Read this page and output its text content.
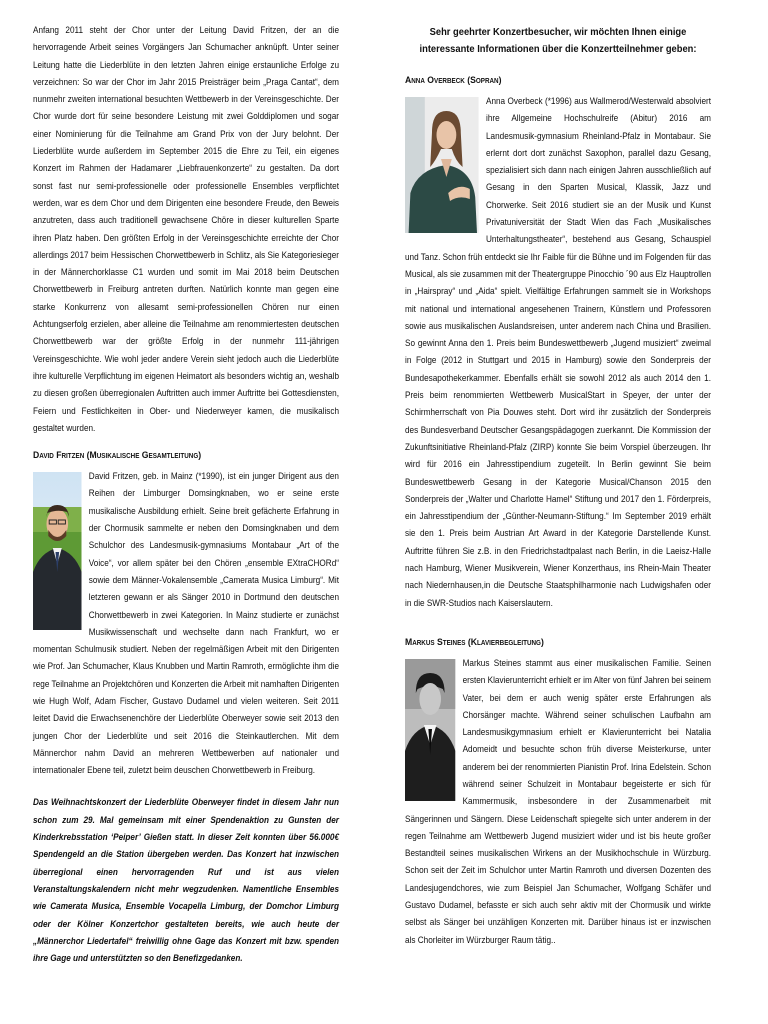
Anfang 2011 steht der Chor unter der Leitung David Fritzen, der an die hervorragende Arbeit seines Vorgängers Jan Schumacher anknüpft. Unter seiner Leitung hatte die Liederblüte in den letzten Jahren einige erstaunliche Erfolge zu verzeichnen: So war der Chor im Jahr 2015 Preisträger beim „Praga Cantat“, dem nunmehr zweiten international besuchten Wettbewerb in der Vereinsgeschichte. Der Chor wurde dort für seine besondere Leistung mit zwei Golddiplomen und sogar einer Nominierung für die Teilnahme am Grand Prix von der Jury belohnt. Der Liederblüte wurde außerdem im September 2015 die Ehre zu Teil, ein eigenes Konzert im Rahmen der Hadamarer „Liebfrauenkonzerte“ zu gestalten. Da dort sonst fast nur semi-professionelle oder professionelle Ensembles verpflichtet werden, war es dem Chor und dem Dirigenten eine besondere Freude, den Beweis anzutreten, dass auch traditionell gewachsene Chöre in dieser kulturellen Sparte ihren Platz haben. Den größten Erfolg in der Vereinsgeschichte erreichte der Chor allerdings 2017 beim Hessischen Chorwettbewerb in Schlitz, als Sie Kategoriesieger in der Männerchorklasse C1 wurden und somit im Mai 2018 beim Deutschen Chorwettbewerb in Freiburg antreten durften. Natürlich konnte man gegen eine starke Konkurrenz von allesamt semi-professionellen Chören nur einen Achtungserfolg erzielen, aber alleine die Teilnahme am renommiertesten deutschen Chorwettbewerb war der größte Erfolg in der nunmehr 111-jährigen Vereinsgeschichte. Wie wohl jeder andere Verein sieht jedoch auch die Liederblüte ihre kulturelle Verpflichtung im eigenen Heimatort als besonders wichtig an, weshalb zu diesen großen überregionalen Auftritten auch immer Auftritte bei Gottesdiensten, Feiern und Festlichkeiten in Ober- und Niederweyer kamen, die musikalisch gestaltet wurden.

David Fritzen (Musikalische Gesamtleitung)

David Fritzen, geb. in Mainz (*1990), ist ein junger Dirigent aus den Reihen der Limburger Domsingknaben, wo er seine erste musikalische Ausbildung erhielt. Seine breit gefächerte Erfahrung in der Chormusik sammelte er neben den Domsingknaben und dem Schulchor des Landesmusik-gymnasiums Montabaur „Art of the Voice“, vor allem später bei den Chören „ensemble EXtraCHORd“ sowie dem Männer-Vokalensemble „Camerata Musica Limburg“. Mit letzteren gewann er als Sänger 2010 in Dortmund den deutschen Chorwettbewerb in zwei Kategorien. In Mainz studierte er zunächst Musikwissenschaft und wechselte dann nach Frankfurt, wo er momentan Schulmusik studiert. Neben der regelmäßigen Arbeit mit den Dirigenten wie Prof. Jan Schumacher, Klaus Knubben und Martin Ramroth, ermöglichte ihm die rege Teilnahme an Projektchören und Konzerten die Arbeit mit namhaften Dirigenten wie Hugh Wolf, Adam Fischer, Gustavo Dudamel und vielen weiteren. Seit 2011 leitet David die Erwachsenenchöre der Liederblüte Oberweyer sowie seit 2013 den jungen Chor der Liederblüte und seit 2016 die Steinkautlerchen. Mit dem Männerchor nahm David an mehreren Wettbewerben auf nationaler und internationaler Ebene teil, zuletzt beim deuschen Chorwettbewerb in Freiburg.

Das Weihnachtskonzert der Liederblüte Oberweyer findet in diesem Jahr nun schon zum 29. Mal gemeinsam mit einer Spendenaktion zu Gunsten der Kinderkrebsstation ‘Peiper’ Gießen statt. In dieser Zeit konnten über 56.000€ Spendengeld an die Station übergeben werden. Das Konzert hat inzwischen überregional einen hervorragenden Ruf und ist aus vielen Veranstaltungskalendern nicht mehr wegzudenken. Namentliche Ensembles wie Camerata Musica, Ensemble Vocapella Limburg, der Domchor Limburg oder der Kölner Konzertchor gestalteten bereits, wie auch heute der „Männerchor Liedertafel“ freiwillig ohne Gage das Konzert mit bzw. spenden ihre Gage und unterstützten so den Benefizgedanken.

Sehr geehrter Konzertbesucher, wir möchten Ihnen einige interessante Informationen über die Konzertteilnehmer geben:
Anna Overbeck (Sopran)

Anna Overbeck (*1996) aus Wallmerod/Westerwald absolviert ihre Allgemeine Hochschulreife (Abitur) 2016 am Landesmusik-gymnasium Rheinland-Pfalz in Montabaur. Sie erlernt dort dort zunächst Saxophon, parallel dazu Gesang, spezialisiert sich dann nach einigen Jahren ausschließlich auf Gesang in den Sparten Musical, Klassik, Jazz und Chorwerke. Seit 2016 studiert sie an der Musik und Kunst Privatuniversität der Stadt Wien das Fach „Musikalisches Unterhaltungstheater“, bestehend aus Gesang, Schauspiel und Tanz. Schon früh entdeckt sie Ihr Faible für die Bühne und im Folgenden für das Musical, als sie zusammen mit der Theatergruppe Pinocchio ´90 aus Elz Hauptrollen in „Hairspray“ und „Aida“ spielt. Vielfältige Erfahrungen sammelt sie in Workshops mit national und international angesehenen Trainern, Künstlern und Professoren sowie aus musikalischen Auslandsreisen, unter anderem nach China und Brasilien. So gewinnt Anna den 1. Preis beim Bundeswettbewerb „Jugend musiziert“ zweimal in Folge (2012 in Stuttgart und 2015 in Hamburg) sowie den Sonderpreis der Bundesapothekerkammer. Ebenfalls erhält sie sowohl 2012 als auch 2014 den 1. Preis beim renommierten Wettbewerb MusicalStart in Speyer, der unter der Schirmherrschaft von Pia Douwes steht. Dort wird ihr zusätzlich der Sonderpreis des Bundesverband Deutscher Gesangspädagogen zuerkannt. Die Kommission der Zukunftsinitiative Rheinland-Pfalz (ZIRP) konnte Sie beim Vorspiel überzeugen. Ihr wird für 2016 ein Jahresstipendium zugeteilt. In Berlin gewinnt Sie beim Bundeswettbewerb Gesang in der Kategorie Musical/Chanson 2015 den Sonderpreis der „Walter und Charlotte Hamel“ Stiftung und 2017 den 1. Förderpreis, ein Jahresstipendium der „Günther-Neumann-Stiftung.“ Im September 2019 erhält sie den 1. Preis beim Austrian Art Award in der Kategorie Darstellende Kunst. Auftritte führen Sie z.B. in den Friedrichstadtpalast nach Berlin, in die Laeisz-Halle nach Hamburg, Wiener Musikverein, Wiener Konzerthaus, ins Rhein-Main Theater nach Niedernhausen,in die Deutsche Staatsphilharmonie nach Ludwigshafen oder in die SWR-Studios nach Kaiserslautern.

Markus Steines (Klavierbegleitung)

Markus Steines stammt aus einer musikalischen Familie. Seinen ersten Klavierunterricht erhielt er im Alter von fünf Jahren bei seinem Vater, bei dem er auch wenig später erste Erfahrungen als Chorsänger machte. Während seiner schulischen Laufbahn am Landesmusikgymnasium erhielt er Klavierunterricht bei Natalia Adomeidt und besuchte schon früh diverse Meisterkurse, unter anderem bei der renommierten Pianistin Prof. Irina Edelstein. Schon während seiner Schulzeit in Montabaur begeisterte er sich für Kammermusik, insbesondere in der Zusammenarbeit mit Sängerinnen und Sängern. Diese Leidenschaft spiegelte sich unter anderem in der regen Teilnahme am Wettbewerb Jugend musiziert wider und ist bis heute großer Bestandteil seines musikalischen Wirkens an der Musikhochschule in Würzburg. Schon seit der Zeit im Schulchor unter Martin Ramroth und diversen Dozenten des Landesjugendchores, wie zum Beispiel Jan Schumacher, Wolfgang Schäfer und Gustavo Dudamel, befasste er sich auch sehr aktiv mit der Chormusik und wirkte selbst als Sänger bei unzähligen Konzerten mit. Darüber hinaus ist er inzwischen als Chorleiter im Würzburger Raum tätig..
